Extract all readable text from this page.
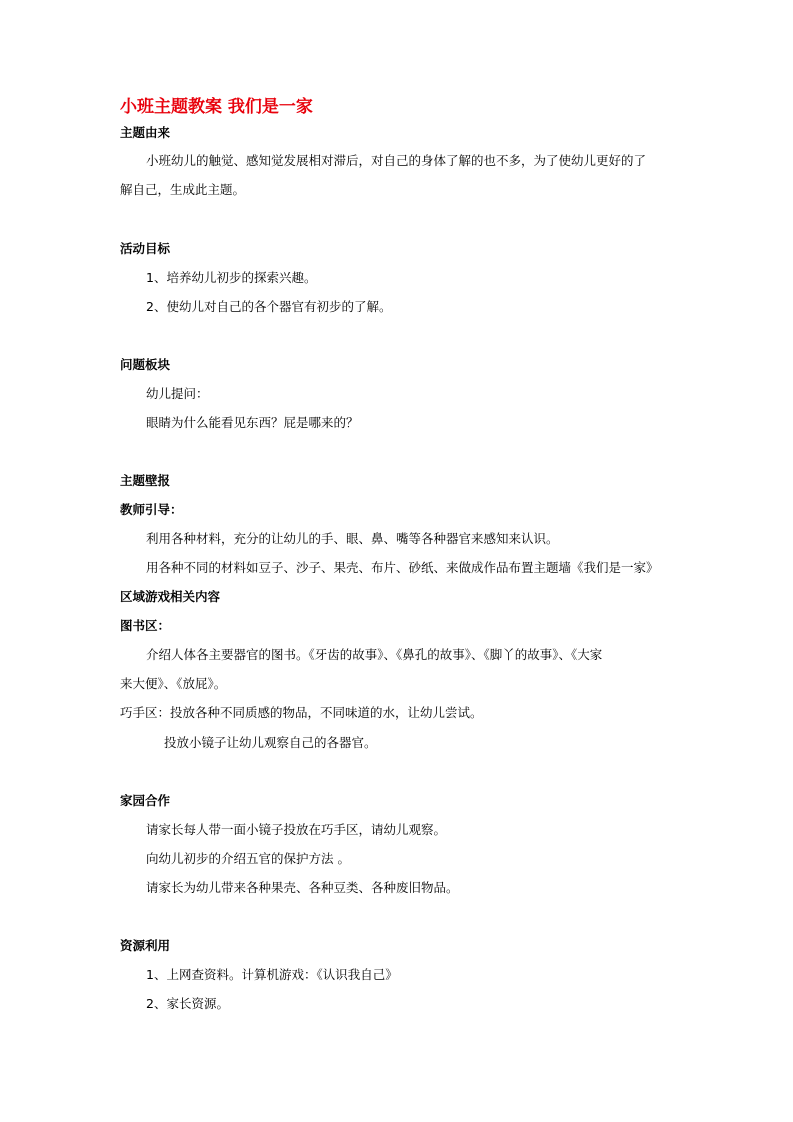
小班主题教案 我们是一家
主题由来
小班幼儿的触觉、感知觉发展相对滞后，对自己的身体了解的也不多，为了使幼儿更好的了
解自己，生成此主题。
活动目标
1、培养幼儿初步的探索兴趣。
2、使幼儿对自己的各个器官有初步的了解。
问题板块
幼儿提问：
眼睛为什么能看见东西？屁是哪来的？
主题壁报
教师引导：
利用各种材料，充分的让幼儿的手、眼、鼻、嘴等各种器官来感知来认识。
用各种不同的材料如豆子、沙子、果壳、布片、砂纸、来做成作品布置主题墙《我们是一家》
区域游戏相关内容
图书区：
介绍人体各主要器官的图书。《牙齿的故事》、《鼻孔的故事》、《脚丫的故事》、《大家
来大便》、《放屁》。
巧手区：投放各种不同质感的物品，不同味道的水，让幼儿尝试。
投放小镜子让幼儿观察自己的各器官。
家园合作
请家长每人带一面小镜子投放在巧手区，请幼儿观察。
向幼儿初步的介绍五官的保护方法 。
请家长为幼儿带来各种果壳、各种豆类、各种废旧物品。
资源利用
1、上网查资料。计算机游戏：《认识我自己》
2、家长资源。
